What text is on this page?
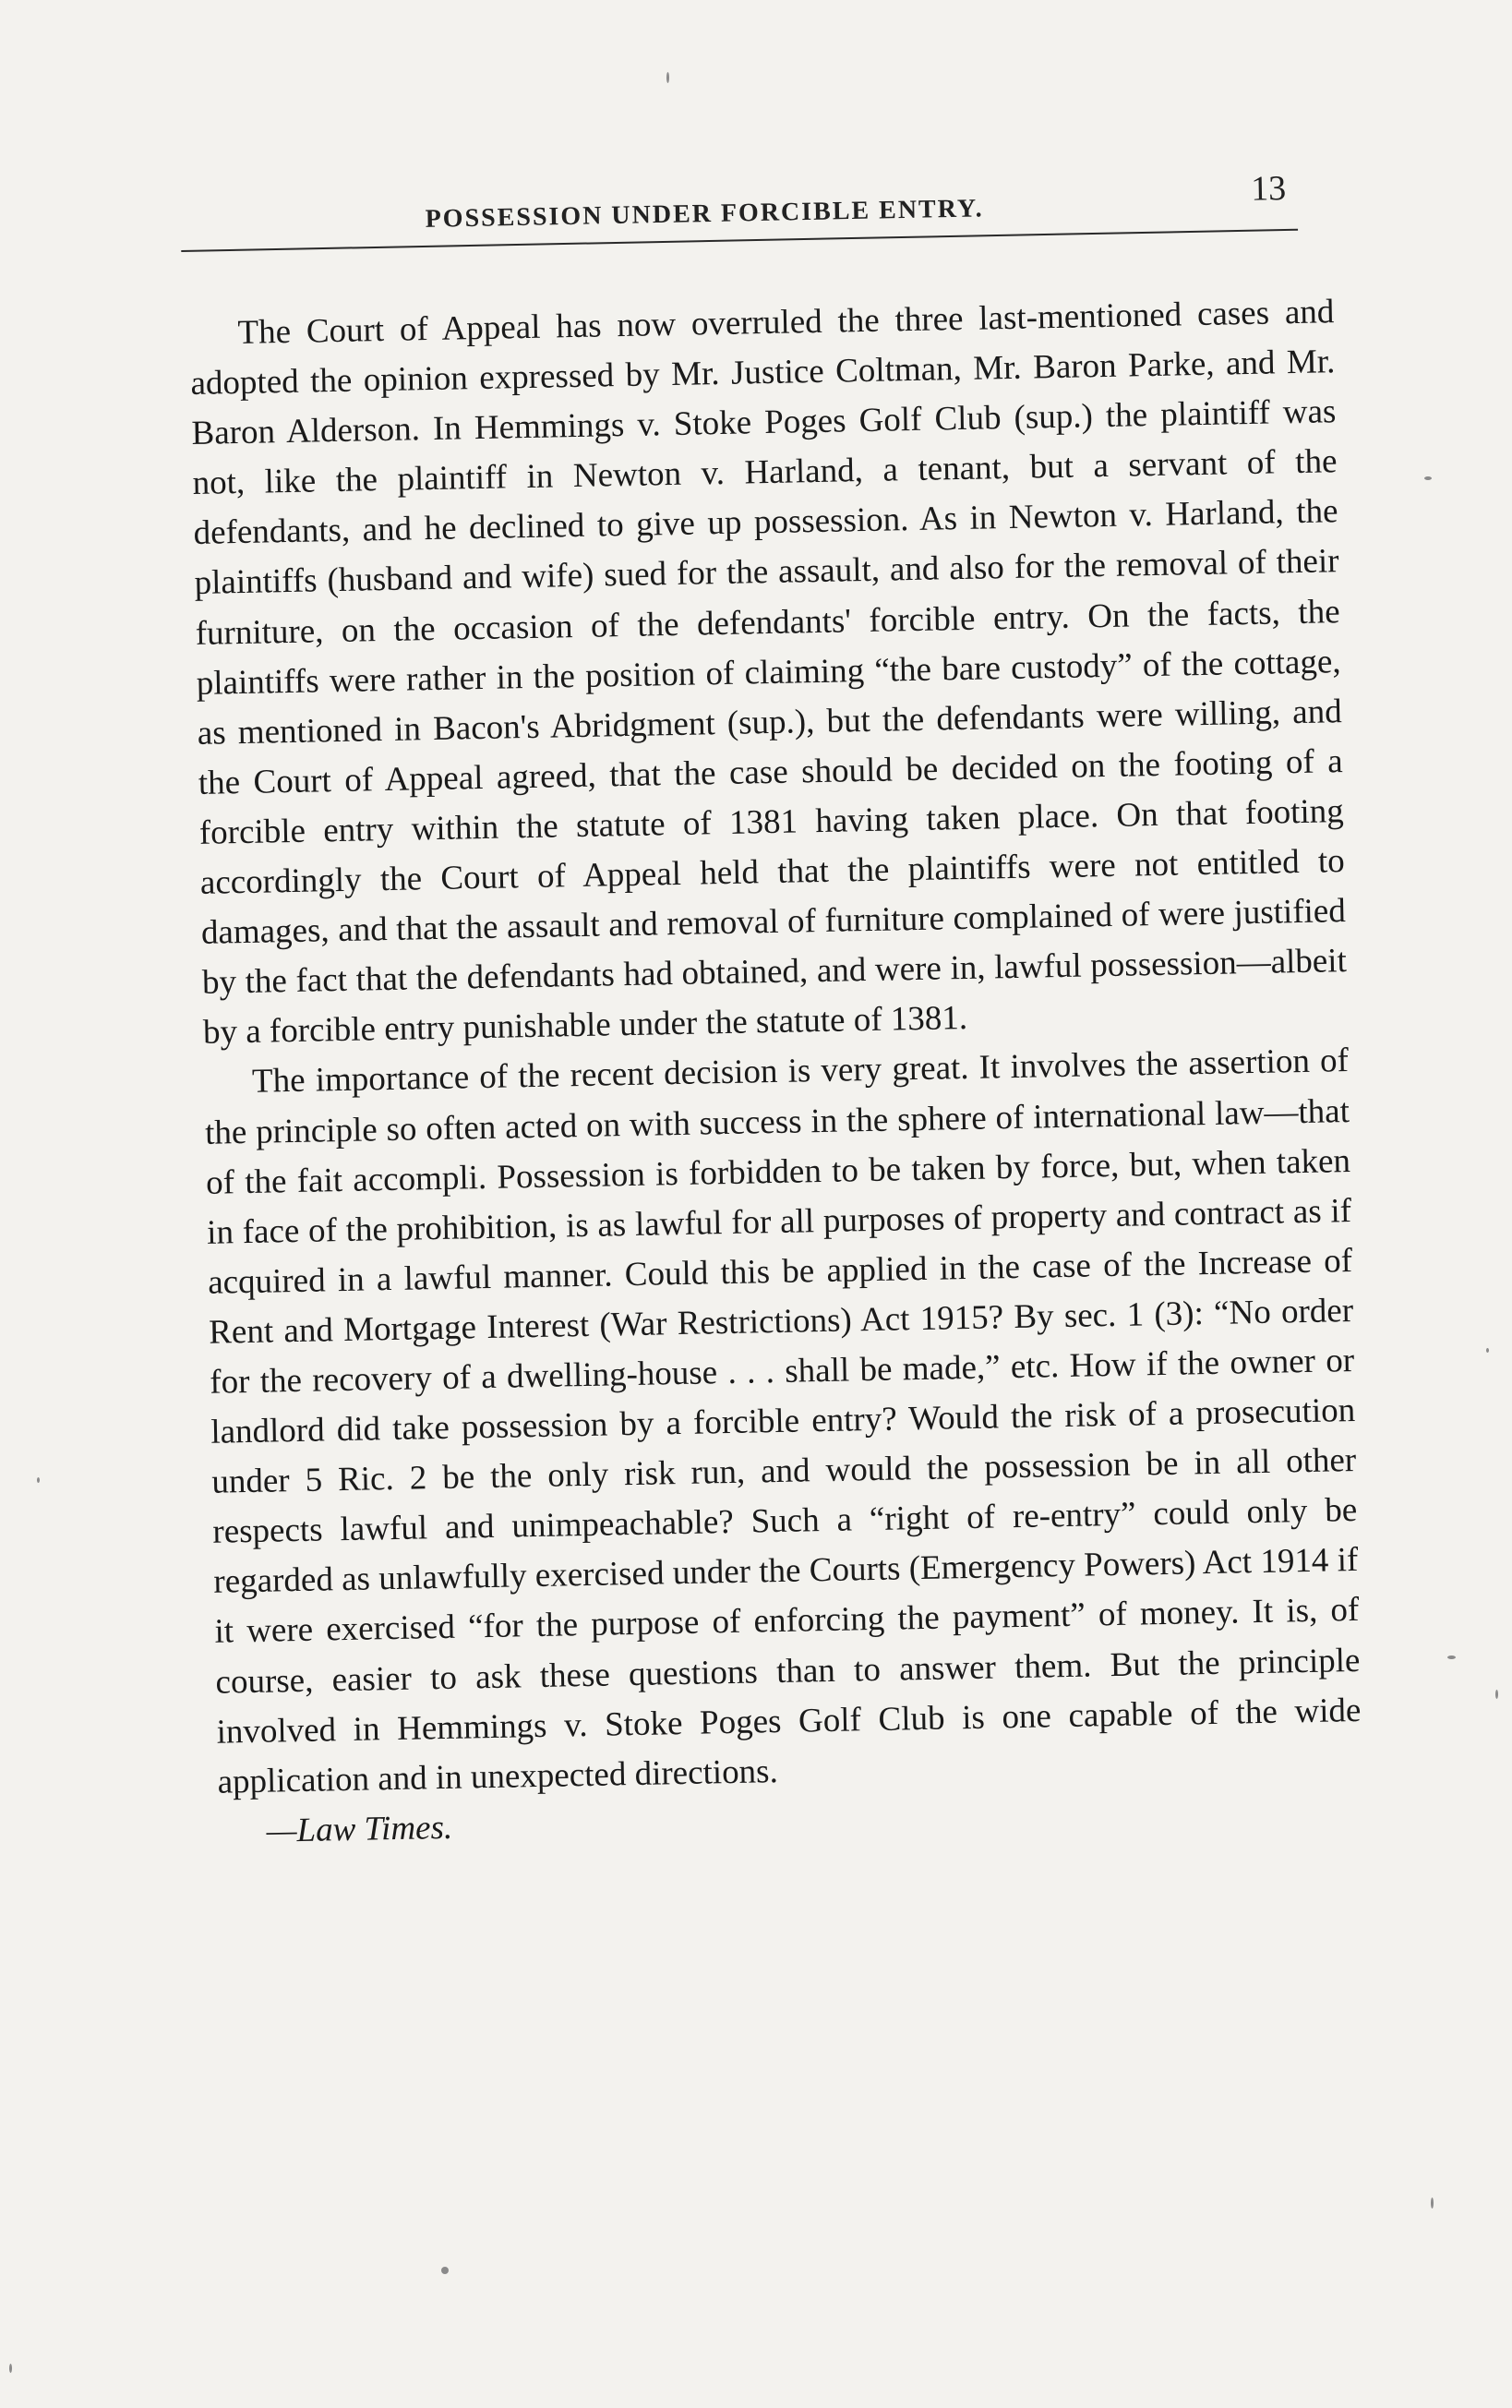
POSSESSION UNDER FORCIBLE ENTRY.
13

The Court of Appeal has now overruled the three last-mentioned cases and adopted the opinion expressed by Mr. Justice Coltman, Mr. Baron Parke, and Mr. Baron Alderson. In Hemmings v. Stoke Poges Golf Club (sup.) the plaintiff was not, like the plaintiff in Newton v. Harland, a tenant, but a servant of the defendants, and he declined to give up possession. As in Newton v. Harland, the plaintiffs (husband and wife) sued for the assault, and also for the removal of their furniture, on the occasion of the defendants' forcible entry. On the facts, the plaintiffs were rather in the position of claiming “the bare custody” of the cottage, as mentioned in Bacon's Abridgment (sup.), but the defendants were willing, and the Court of Appeal agreed, that the case should be decided on the footing of a forcible entry within the statute of 1381 having taken place. On that footing accordingly the Court of Appeal held that the plaintiffs were not entitled to damages, and that the assault and removal of furniture complained of were justified by the fact that the defendants had obtained, and were in, lawful possession—albeit by a forcible entry punishable under the statute of 1381.

The importance of the recent decision is very great. It involves the assertion of the principle so often acted on with success in the sphere of international law—that of the fait accompli. Possession is forbidden to be taken by force, but, when taken in face of the prohibition, is as lawful for all purposes of property and contract as if acquired in a lawful manner. Could this be applied in the case of the Increase of Rent and Mortgage Interest (War Restrictions) Act 1915? By sec. 1 (3): “No order for the recovery of a dwelling-house . . . shall be made,” etc. How if the owner or landlord did take possession by a forcible entry? Would the risk of a prosecution under 5 Ric. 2 be the only risk run, and would the possession be in all other respects lawful and unimpeachable? Such a “right of re-entry” could only be regarded as unlawfully exercised under the Courts (Emergency Powers) Act 1914 if it were exercised “for the purpose of enforcing the payment” of money. It is, of course, easier to ask these questions than to answer them. But the principle involved in Hemmings v. Stoke Poges Golf Club is one capable of the wide application and in unexpected directions.

—Law Times.
